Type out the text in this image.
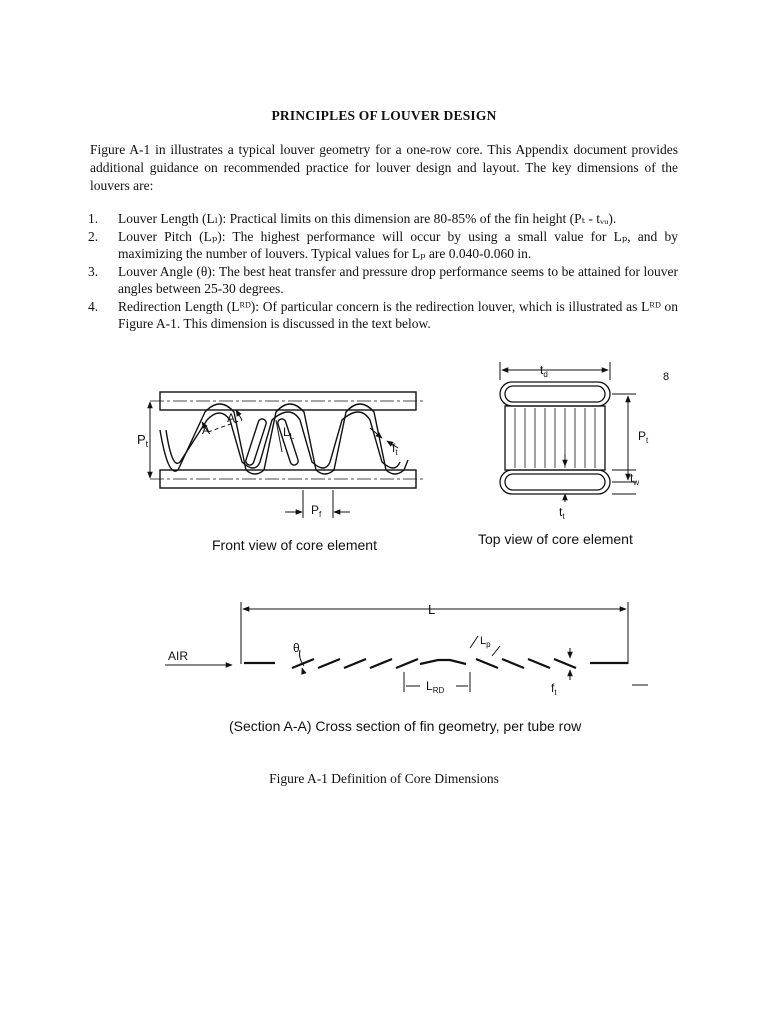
PRINCIPLES OF LOUVER DESIGN
Figure A-1 in illustrates a typical louver geometry for a one-row core. This Appendix document provides additional guidance on recommended practice for louver design and layout. The key dimensions of the louvers are:
1. Louver Length (Lₗ): Practical limits on this dimension are 80-85% of the fin height (Pₜ - tᵥᵤ).
2. Louver Pitch (Lₚ): The highest performance will occur by using a small value for Lₚ, and by maximizing the number of louvers. Typical values for Lₚ are 0.040-0.060 in.
3. Louver Angle (θ): The best heat transfer and pressure drop performance seems to be attained for louver angles between 25-30 degrees.
4. Redirection Length (Lᴿᴰ): Of particular concern is the redirection louver, which is illustrated as Lᴿᴰ on Figure A-1. This dimension is discussed in the text below.
$P_t$
A
A
$L_L$
$f_t$
$P_f$
Front view of core element
$t_d$	8
$P_t$
$t_w$
$t_t$
Top view of core element
L
AIR
θ	$L_p$
$L_{RD}$	$f_t$
(Section A-A) Cross section of fin geometry, per tube row
Figure A-1 Definition of Core Dimensions
